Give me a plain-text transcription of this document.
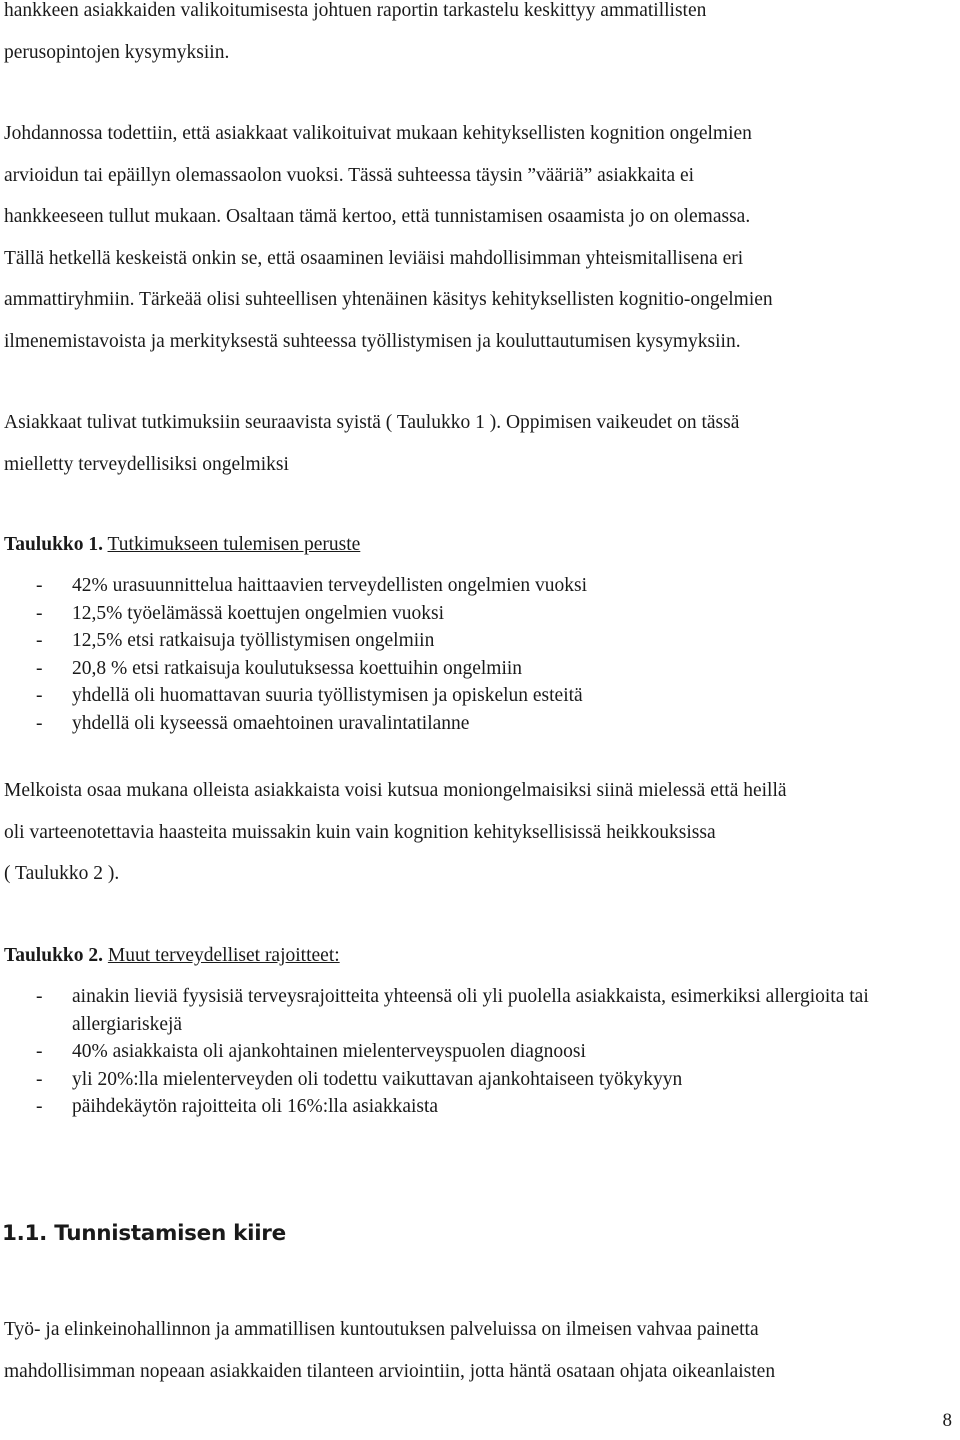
hankkeen asiakkaiden valikoitumisesta johtuen raportin tarkastelu keskittyy ammatillisten
perusopintojen kysymyksiin.
Johdannossa todettiin, että asiakkaat valikoituivat mukaan kehityksellisten kognition ongelmien
arvioidun tai epäillyn olemassaolon vuoksi. Tässä suhteessa täysin ”vääriä” asiakkaita ei
hankkeeseen tullut mukaan. Osaltaan tämä kertoo, että tunnistamisen osaamista jo on olemassa.
Tällä hetkellä keskeistä onkin se, että osaaminen leviäisi mahdollisimman yhteismitallisena eri
ammattiryhmiin. Tärkeää olisi suhteellisen yhtenäinen käsitys kehityksellisten kognitio-ongelmien
ilmenemistavoista ja merkityksestä suhteessa työllistymisen ja kouluttautumisen kysymyksiin.
Asiakkaat tulivat tutkimuksiin seuraavista syistä ( Taulukko 1 ). Oppimisen vaikeudet on tässä
mielletty terveydellisiksi ongelmiksi
Taulukko 1. Tutkimukseen tulemisen peruste
- 42% urasuunnittelua haittaavien terveydellisten ongelmien vuoksi
- 12,5% työelämässä koettujen ongelmien vuoksi
- 12,5% etsi ratkaisuja työllistymisen ongelmiin
- 20,8 % etsi ratkaisuja koulutuksessa koettuihin ongelmiin
- yhdellä oli huomattavan suuria työllistymisen ja opiskelun esteitä
- yhdellä oli kyseessä omaehtoinen uravalintatilanne
Melkoista osaa mukana olleista asiakkaista voisi kutsua moniongelmaisiksi siinä mielessä että heillä
oli varteenotettavia haasteita muissakin kuin vain kognition kehityksellisissä heikkouksissa
( Taulukko 2 ).
Taulukko 2. Muut terveydelliset rajoitteet:
- ainakin lieviä fyysisiä terveysrajoitteita yhteensä oli yli puolella asiakkaista, esimerkiksi allergioita tai allergiariskejä
- 40% asiakkaista oli ajankohtainen mielenterveyspuolen diagnoosi
- yli 20%:lla mielenterveyden oli todettu vaikuttavan ajankohtaiseen työkykyyn
- päihdekäytön rajoitteita oli 16%:lla asiakkaista
1.1. Tunnistamisen kiire
Työ- ja elinkeinohallinnon ja ammatillisen kuntoutuksen palveluissa on ilmeisen vahvaa painetta
mahdollisimman nopeaan asiakkaiden tilanteen arviointiin, jotta häntä osataan ohjata oikeanlaisten
8
